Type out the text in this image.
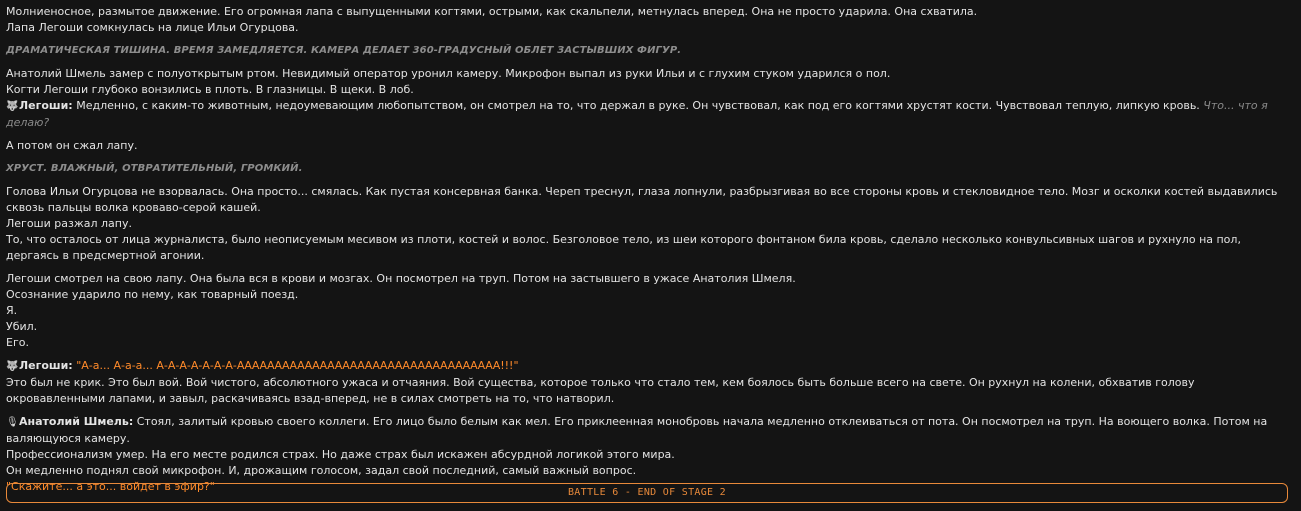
Молниеносное, размытое движение. Его огромная лапа с выпущенными когтями, острыми, как скальпели, метнулась вперед. Она не просто ударила. Она схватила.

Лапа Легоши сомкнулась на лице Ильи Огурцова.

ДРАМАТИЧЕСКАЯ ТИШИНА. ВРЕМЯ ЗАМЕДЛЯЕТСЯ. КАМЕРА ДЕЛАЕТ 360-ГРАДУСНЫЙ ОБЛЕТ ЗАСТЫВШИХ ФИГУР.

Анатолий Шмель замер с полуоткрытым ртом. Невидимый оператор уронил камеру. Микрофон выпал из руки Ильи и с глухим стуком ударился о пол.

Когти Легоши глубоко вонзились в плоть. В глазницы. В щеки. В лоб.

🐺Легоши: Медленно, с каким-то животным, недоумевающим любопытством, он смотрел на то, что держал в руке. Он чувствовал, как под его когтями хрустят кости. Чувствовал теплую, липкую кровь. Что... что я делаю?

А потом он сжал лапу.

ХРУСТ. ВЛАЖНЫЙ, ОТВРАТИТЕЛЬНЫЙ, ГРОМКИЙ.

Голова Ильи Огурцова не взорвалась. Она просто... смялась. Как пустая консервная банка. Череп треснул, глаза лопнули, разбрызгивая во все стороны кровь и стекловидное тело. Мозг и осколки костей выдавились сквозь пальцы волка кроваво-серой кашей.

Легоши разжал лапу.

То, что осталось от лица журналиста, было неописуемым месивом из плоти, костей и волос. Безголовое тело, из шеи которого фонтаном била кровь, сделало несколько конвульсивных шагов и рухнуло на пол, дергаясь в предсмертной агонии.

Легоши смотрел на свою лапу. Она была вся в крови и мозгах. Он посмотрел на труп. Потом на застывшего в ужасе Анатолия Шмеля.

Осознание ударило по нему, как товарный поезд.

Я.

Убил.

Его.

🐺Легоши: "А-а... А-а-а... А-А-А-А-А-А-А-ААААААААААААААААААААААААААААААААААА!!!"

Это был не крик. Это был вой. Вой чистого, абсолютного ужаса и отчаяния. Вой существа, которое только что стало тем, кем боялось быть больше всего на свете. Он рухнул на колени, обхватив голову окровавленными лапами, и завыл, раскачиваясь взад-вперед, не в силах смотреть на то, что натворил.

🎙Анатолий Шмель: Стоял, залитый кровью своего коллеги. Его лицо было белым как мел. Его приклеенная монобровь начала медленно отклеиваться от пота. Он посмотрел на труп. На воющего волка. Потом на валяющуюся камеру.

Профессионализм умер. На его месте родился страх. Но даже страх был искажен абсурдной логикой этого мира.

Он медленно поднял свой микрофон. И, дрожащим голосом, задал свой последний, самый важный вопрос.

"Скажите... а это... войдет в эфир?"	BATTLE 6 - END OF STAGE 2
